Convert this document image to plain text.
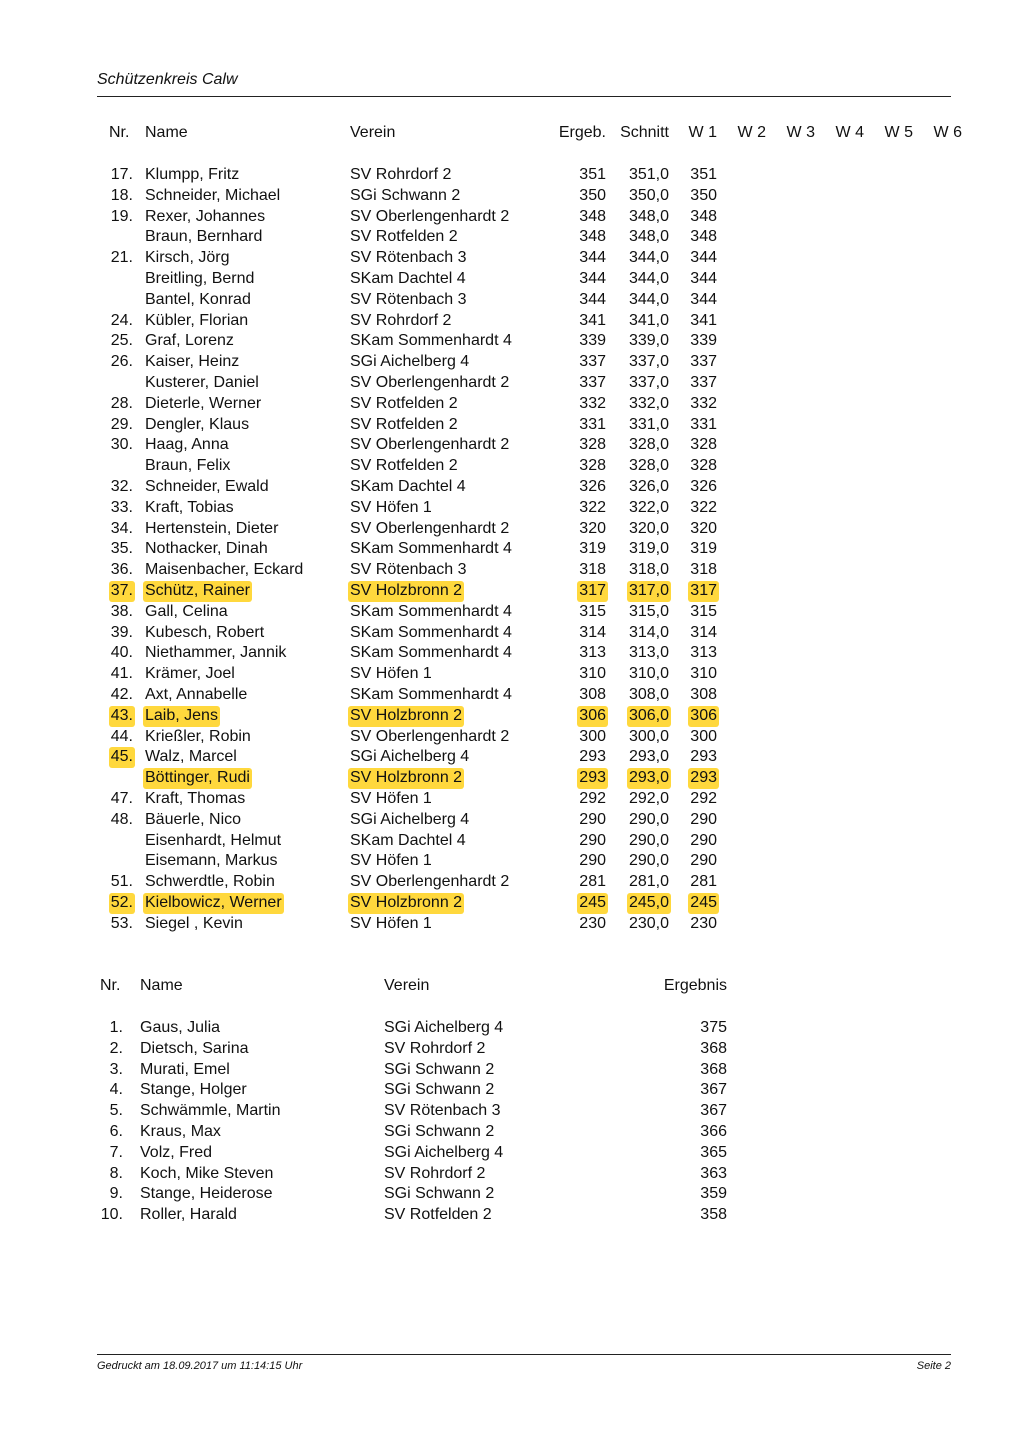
Schützenkreis Calw
Nr. Name	Verein	Ergeb. Schnitt W 1 W 2 W 3 W 4 W 5 W 6
17. Klumpp, Fritz	SV Rohrdorf 2	351 351,0 351
18. Schneider, Michael	SGi Schwann 2	350 350,0 350
19. Rexer, Johannes	SV Oberlengenhardt 2	348 348,0 348
Braun, Bernhard	SV Rotfelden 2	348 348,0 348
21. Kirsch, Jörg	SV Rötenbach 3	344 344,0 344
Breitling, Bernd	SKam Dachtel 4	344 344,0 344
Bantel, Konrad	SV Rötenbach 3	344 344,0 344
24. Kübler, Florian	SV Rohrdorf 2	341 341,0 341
25. Graf, Lorenz	SKam Sommenhardt 4	339 339,0 339
26. Kaiser, Heinz	SGi Aichelberg 4	337 337,0 337
Kusterer, Daniel	SV Oberlengenhardt 2	337 337,0 337
28. Dieterle, Werner	SV Rotfelden 2	332 332,0 332
29. Dengler, Klaus	SV Rotfelden 2	331 331,0 331
30. Haag, Anna	SV Oberlengenhardt 2	328 328,0 328
Braun, Felix	SV Rotfelden 2	328 328,0 328
32. Schneider, Ewald	SKam Dachtel 4	326 326,0 326
33. Kraft, Tobias	SV Höfen 1	322 322,0 322
34. Hertenstein, Dieter	SV Oberlengenhardt 2	320 320,0 320
35. Nothacker, Dinah	SKam Sommenhardt 4	319 319,0 319
36. Maisenbacher, Eckard	SV Rötenbach 3	318 318,0 318
37. Schütz, Rainer	SV Holzbronn 2	317 317,0 317
38. Gall, Celina	SKam Sommenhardt 4	315 315,0 315
39. Kubesch, Robert	SKam Sommenhardt 4	314 314,0 314
40. Niethammer, Jannik	SKam Sommenhardt 4	313 313,0 313
41. Krämer, Joel	SV Höfen 1	310 310,0 310
42. Axt, Annabelle	SKam Sommenhardt 4	308 308,0 308
43. Laib, Jens	SV Holzbronn 2	306 306,0 306
44. Krießler, Robin	SV Oberlengenhardt 2	300 300,0 300
45. Walz, Marcel	SGi Aichelberg 4	293 293,0 293
Böttinger, Rudi	SV Holzbronn 2	293 293,0 293
47. Kraft, Thomas	SV Höfen 1	292 292,0 292
48. Bäuerle, Nico	SGi Aichelberg 4	290 290,0 290
Eisenhardt, Helmut	SKam Dachtel 4	290 290,0 290
Eisemann, Markus	SV Höfen 1	290 290,0 290
51. Schwerdtle, Robin	SV Oberlengenhardt 2	281 281,0 281
52. Kielbowicz, Werner	SV Holzbronn 2	245 245,0 245
53. Siegel , Kevin	SV Höfen 1	230 230,0 230
Nr. Name	Verein	Ergebnis
1. Gaus, Julia	SGi Aichelberg 4	375
2. Dietsch, Sarina	SV Rohrdorf 2	368
3. Murati, Emel	SGi Schwann 2	368
4. Stange, Holger	SGi Schwann 2	367
5. Schwämmle, Martin	SV Rötenbach 3	367
6. Kraus, Max	SGi Schwann 2	366
7. Volz, Fred	SGi Aichelberg 4	365
8. Koch, Mike Steven	SV Rohrdorf 2	363
9. Stange, Heiderose	SGi Schwann 2	359
10. Roller, Harald	SV Rotfelden 2	358
Gedruckt am 18.09.2017 um 11:14:15 Uhr	Seite 2
